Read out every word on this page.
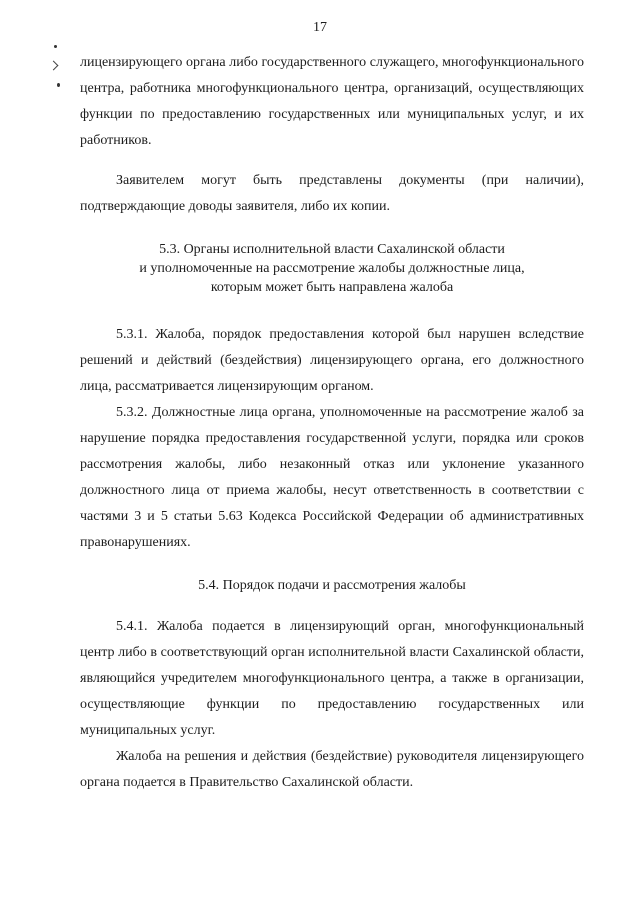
17

лицензирующего органа либо государственного служащего, многофункционального центра, работника многофункционального центра, организаций, осуществляющих функции по предоставлению государственных или муниципальных услуг, и их работников.

Заявителем могут быть представлены документы (при наличии), подтверждающие доводы заявителя, либо их копии.

5.3. Органы исполнительной власти Сахалинской области
и уполномоченные на рассмотрение жалобы должностные лица,
которым может быть направлена жалоба

5.3.1. Жалоба, порядок предоставления которой был нарушен вследствие решений и действий (бездействия) лицензирующего органа, его должностного лица, рассматривается лицензирующим органом.

5.3.2. Должностные лица органа, уполномоченные на рассмотрение жалоб за нарушение порядка предоставления государственной услуги, порядка или сроков рассмотрения жалобы, либо незаконный отказ или уклонение указанного должностного лица от приема жалобы, несут ответственность в соответствии с частями 3 и 5 статьи 5.63 Кодекса Российской Федерации об административных правонарушениях.

5.4. Порядок подачи и рассмотрения жалобы

5.4.1. Жалоба подается в лицензирующий орган, многофункциональный центр либо в соответствующий орган исполнительной власти Сахалинской области, являющийся учредителем многофункционального центра, а также в организации, осуществляющие функции по предоставлению государственных или муниципальных услуг.

Жалоба на решения и действия (бездействие) руководителя лицензирующего органа подается в Правительство Сахалинской области.
